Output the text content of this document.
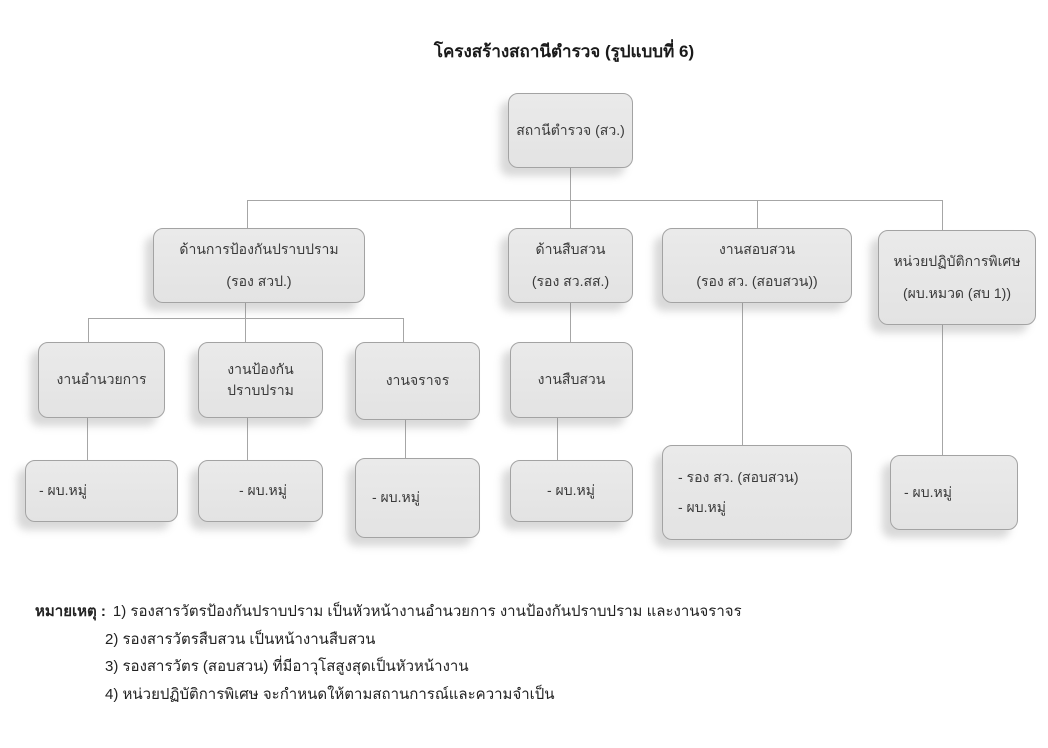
โครงสร้างสถานีตำรวจ (รูปแบบที่ 6)
สถานีตำรวจ (สว.)
ด้านการป้องกันปราบปราม
(รอง สวป.)
ด้านสืบสวน
(รอง สว.สส.)
งานสอบสวน
(รอง สว. (สอบสวน))
หน่วยปฏิบัติการพิเศษ
(ผบ.หมวด (สบ 1))
งานอำนวยการ
งานป้องกัน
ปราบปราม
งานจราจร	งานสืบสวน
- ผบ.หมู่	- ผบ.หมู่	- ผบ.หมู่	- ผบ.หมู่
- รอง สว. (สอบสวน)
- ผบ.หมู่
- ผบ.หมู่
หมายเหตุ : 1) รองสารวัตรป้องกันปราบปราม เป็นหัวหน้างานอำนวยการ งานป้องกันปราบปราม และงานจราจร
2) รองสารวัตรสืบสวน เป็นหน้างานสืบสวน
3) รองสารวัตร (สอบสวน) ที่มีอาวุโสสูงสุดเป็นหัวหน้างาน
4) หน่วยปฏิบัติการพิเศษ จะกำหนดให้ตามสถานการณ์และความจำเป็น
